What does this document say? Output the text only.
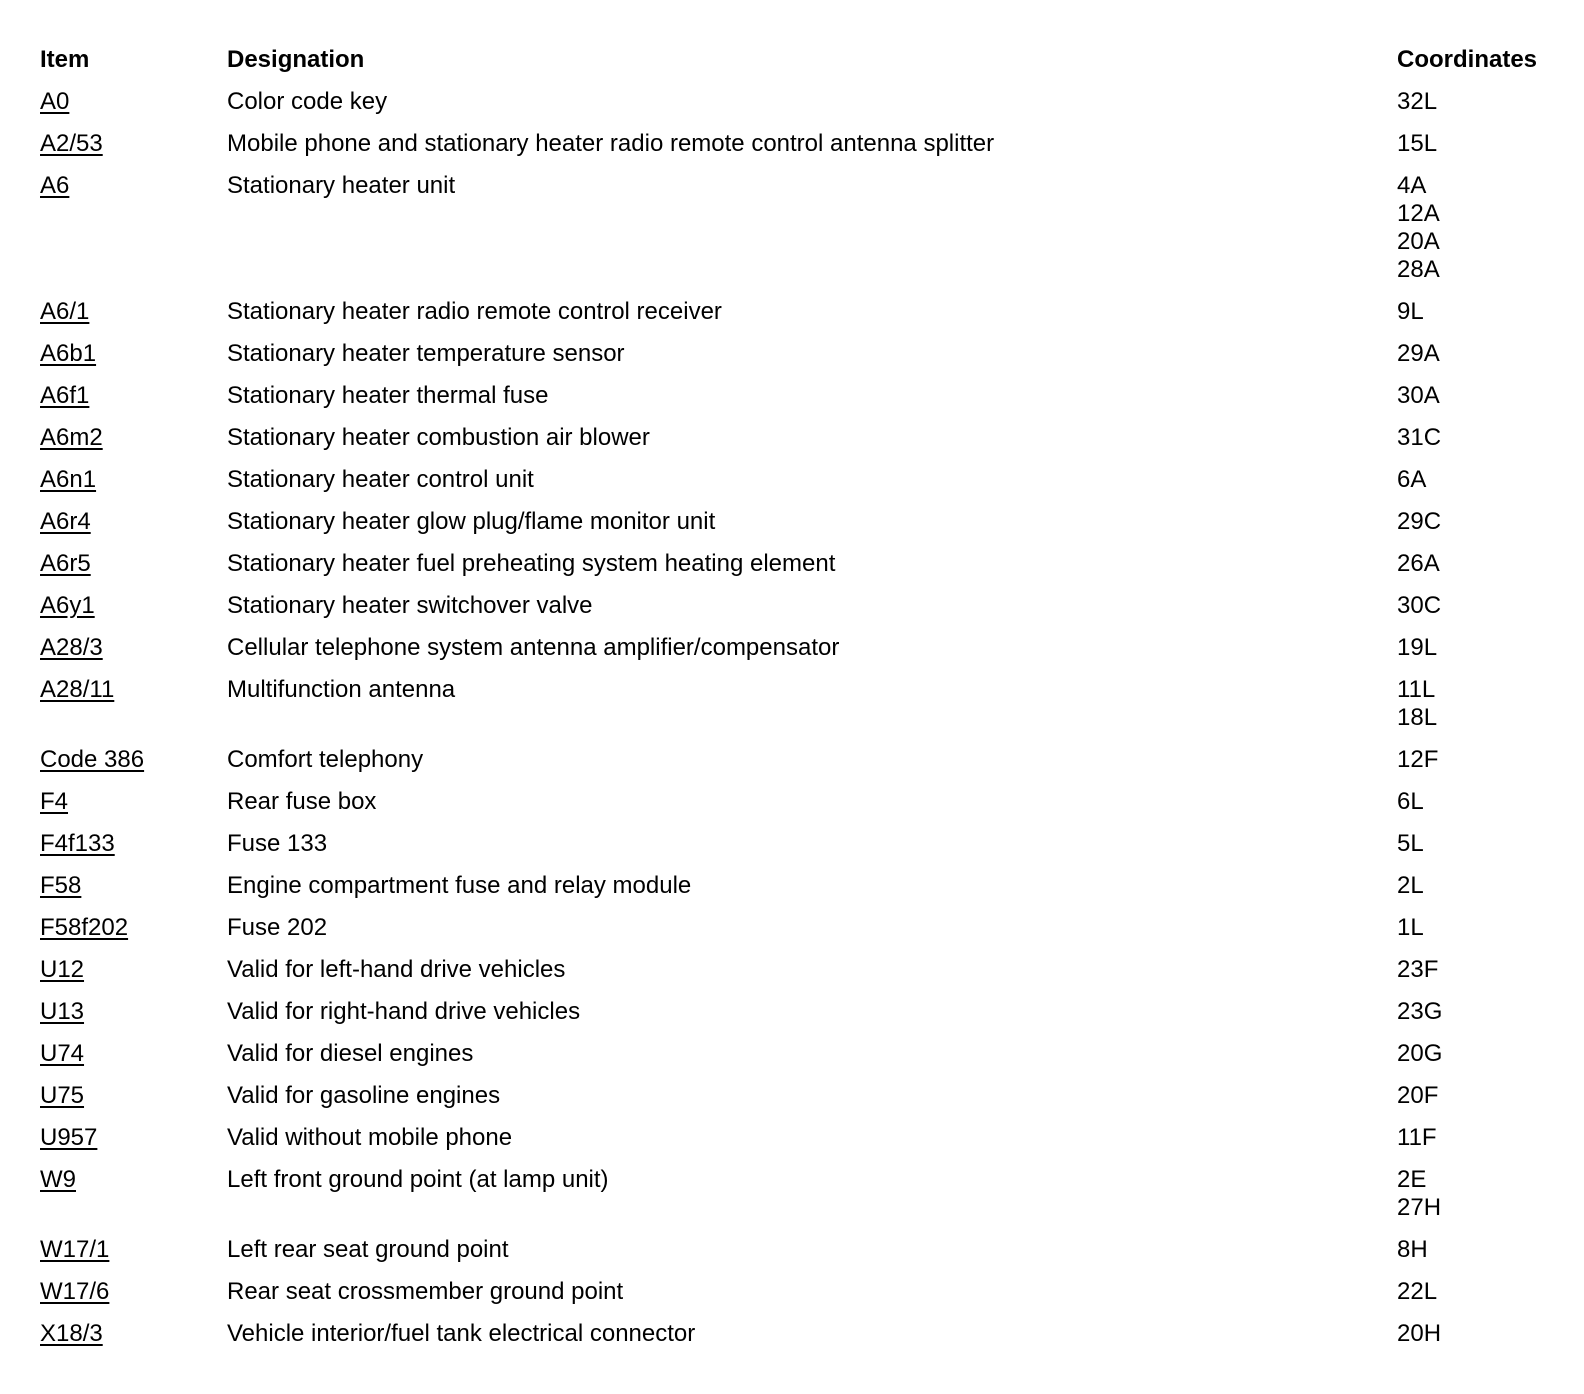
Item	Designation	Coordinates
A0	Color code key	32L
A2/53	Mobile phone and stationary heater radio remote control antenna splitter	15L
A6	Stationary heater unit	4A
12A
20A
28A
A6/1	Stationary heater radio remote control receiver	9L
A6b1	Stationary heater temperature sensor	29A
A6f1	Stationary heater thermal fuse	30A
A6m2	Stationary heater combustion air blower	31C
A6n1	Stationary heater control unit	6A
A6r4	Stationary heater glow plug/flame monitor unit	29C
A6r5	Stationary heater fuel preheating system heating element	26A
A6y1	Stationary heater switchover valve	30C
A28/3	Cellular telephone system antenna amplifier/compensator	19L
A28/11	Multifunction antenna	11L
18L
Code 386	Comfort telephony	12F
F4	Rear fuse box	6L
F4f133	Fuse 133	5L
F58	Engine compartment fuse and relay module	2L
F58f202	Fuse 202	1L
U12	Valid for left-hand drive vehicles	23F
U13	Valid for right-hand drive vehicles	23G
U74	Valid for diesel engines	20G
U75	Valid for gasoline engines	20F
U957	Valid without mobile phone	11F
W9	Left front ground point (at lamp unit)	2E
27H
W17/1	Left rear seat ground point	8H
W17/6	Rear seat crossmember ground point	22L
X18/3	Vehicle interior/fuel tank electrical connector	20H
